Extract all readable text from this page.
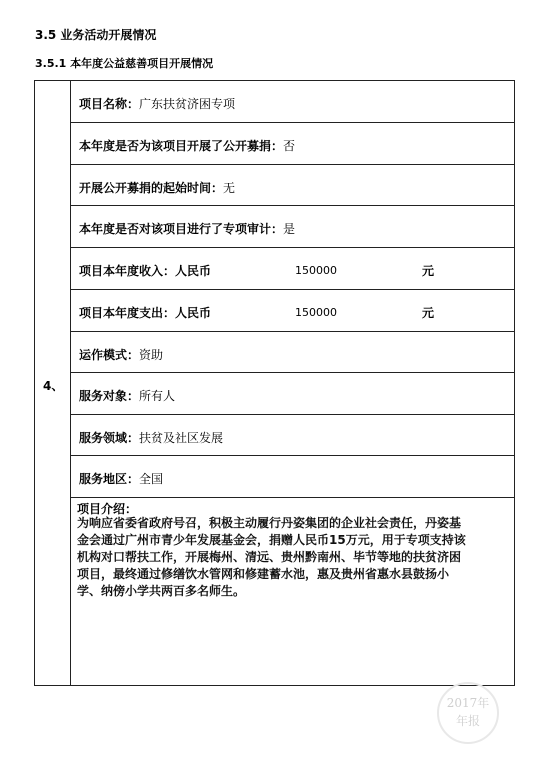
3.5 业务活动开展情况
3.5.1 本年度公益慈善项目开展情况
4、
项目名称：广东扶贫济困专项
本年度是否为该项目开展了公开募捐：否
开展公开募捐的起始时间：无
本年度是否对该项目进行了专项审计：是
项目本年度收入：人民币	150000	元
项目本年度支出：人民币	150000	元
运作模式：资助
服务对象：所有人
服务领域：扶贫及社区发展
服务地区：全国
项目介绍：
为响应省委省政府号召，积极主动履行丹姿集团的企业社会责任，丹姿基金会通过广州市青少年发展基金会，捐赠人民币15万元，用于专项支持该机构对口帮扶工作，开展梅州、清远、贵州黔南州、毕节等地的扶贫济困项目，最终通过修缮饮水管网和修建蓄水池，惠及贵州省惠水县鼓扬小学、纳傍小学共两百多名师生。
2017年
年报
